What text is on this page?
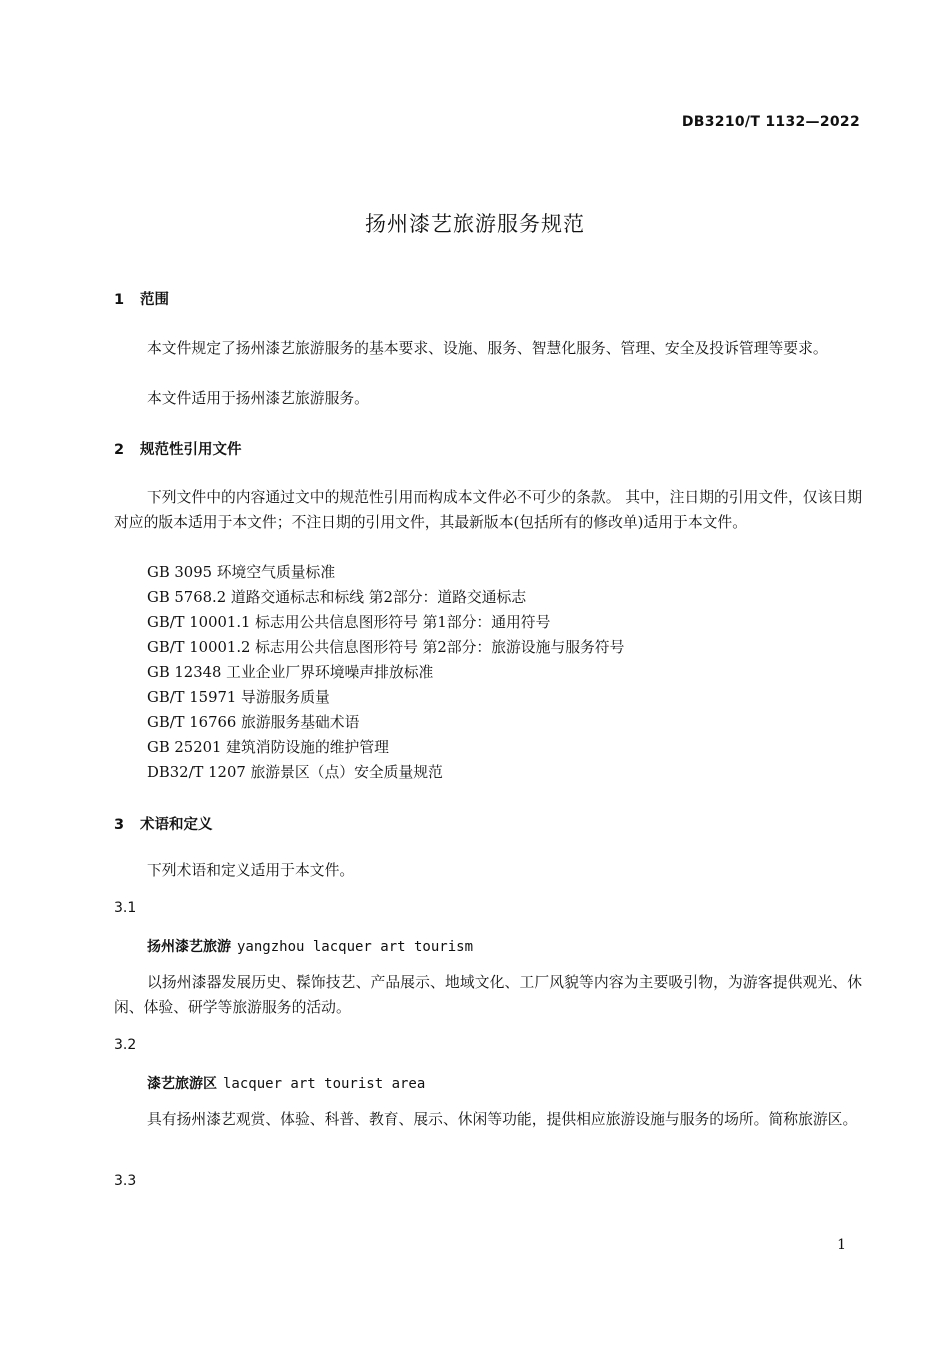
DB3210/T 1132—2022
扬州漆艺旅游服务规范
1 范围
本文件规定了扬州漆艺旅游服务的基本要求、设施、服务、智慧化服务、管理、安全及投诉管理等要求。
本文件适用于扬州漆艺旅游服务。
2 规范性引用文件
下列文件中的内容通过文中的规范性引用而构成本文件必不可少的条款。 其中，注日期的引用文件，仅该日期对应的版本适用于本文件；不注日期的引用文件，其最新版本(包括所有的修改单)适用于本文件。
GB 3095 环境空气质量标准
GB 5768.2 道路交通标志和标线 第2部分：道路交通标志
GB/T 10001.1 标志用公共信息图形符号 第1部分：通用符号
GB/T 10001.2 标志用公共信息图形符号 第2部分：旅游设施与服务符号
GB 12348 工业企业厂界环境噪声排放标准
GB/T 15971 导游服务质量
GB/T 16766 旅游服务基础术语
GB 25201 建筑消防设施的维护管理
DB32/T 1207 旅游景区（点）安全质量规范
3 术语和定义
下列术语和定义适用于本文件。
3.1
扬州漆艺旅游 yangzhou lacquer art tourism
以扬州漆器发展历史、髹饰技艺、产品展示、地域文化、工厂风貌等内容为主要吸引物，为游客提供观光、休闲、体验、研学等旅游服务的活动。
3.2
漆艺旅游区 lacquer art tourist area
具有扬州漆艺观赏、体验、科普、教育、展示、休闲等功能，提供相应旅游设施与服务的场所。简称旅游区。
3.3
1
